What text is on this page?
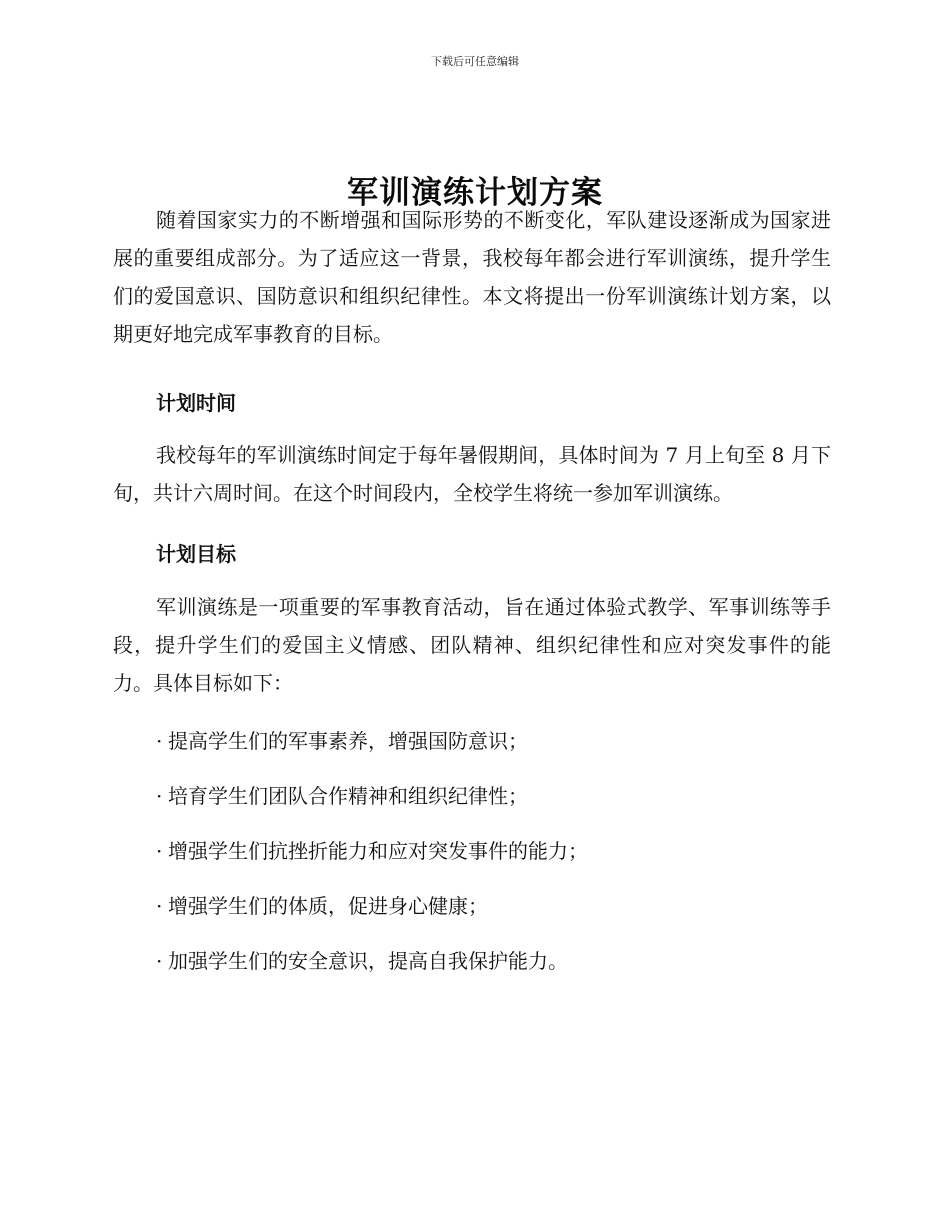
下载后可任意编辑
军训演练计划方案

随着国家实力的不断增强和国际形势的不断变化，军队建设逐渐成为国家进展的重要组成部分。为了适应这一背景，我校每年都会进行军训演练，提升学生们的爱国意识、国防意识和组织纪律性。本文将提出一份军训演练计划方案，以期更好地完成军事教育的目标。

计划时间

我校每年的军训演练时间定于每年暑假期间，具体时间为 7 月上旬至 8 月下旬，共计六周时间。在这个时间段内，全校学生将统一参加军训演练。

计划目标

军训演练是一项重要的军事教育活动，旨在通过体验式教学、军事训练等手段，提升学生们的爱国主义情感、团队精神、组织纪律性和应对突发事件的能力。具体目标如下：

· 提高学生们的军事素养，增强国防意识；
· 培育学生们团队合作精神和组织纪律性；
· 增强学生们抗挫折能力和应对突发事件的能力；
· 增强学生们的体质，促进身心健康；
· 加强学生们的安全意识，提高自我保护能力。
